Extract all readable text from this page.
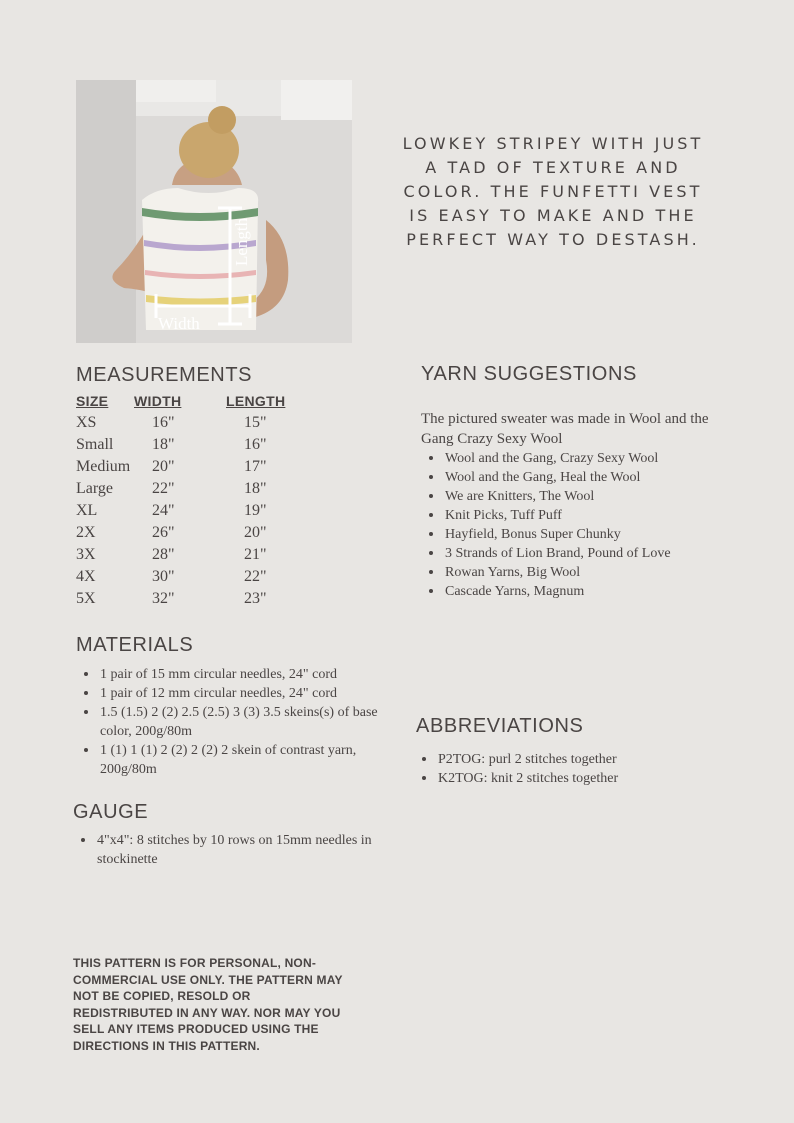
Width
Length
LOWKEY STRIPEY WITH JUST A TAD OF TEXTURE AND COLOR. THE FUNFETTI VEST IS EASY TO MAKE AND THE PERFECT WAY TO DESTASH.
MEASUREMENTS
SIZE	WIDTH	LENGTH
XS	16"	15"
Small	18"	16"
Medium	20"	17"
Large	22"	18"
XL	24"	19"
2X	26"	20"
3X	28"	21"
4X	30"	22"
5X	32"	23"
MATERIALS
1 pair of 15 mm circular needles, 24" cord
1 pair of 12 mm circular needles, 24" cord
1.5 (1.5) 2 (2) 2.5 (2.5) 3 (3) 3.5 skeins(s) of base color, 200g/80m
1 (1) 1 (1) 2 (2) 2 (2) 2 skein of contrast yarn, 200g/80m
GAUGE
4"x4": 8 stitches by 10 rows on 15mm needles in stockinette
YARN SUGGESTIONS
The pictured sweater was made in Wool and the Gang Crazy Sexy Wool
Wool and the Gang, Crazy Sexy Wool
Wool and the Gang, Heal the Wool
We are Knitters, The Wool
Knit Picks, Tuff Puff
Hayfield, Bonus Super Chunky
3 Strands of Lion Brand, Pound of Love
Rowan Yarns, Big Wool
Cascade Yarns, Magnum
ABBREVIATIONS
P2TOG: purl 2 stitches together
K2TOG: knit 2 stitches together
THIS PATTERN IS FOR PERSONAL, NON-COMMERCIAL USE ONLY. THE PATTERN MAY NOT BE COPIED, RESOLD OR REDISTRIBUTED IN ANY WAY. NOR MAY YOU SELL ANY ITEMS PRODUCED USING THE DIRECTIONS IN THIS PATTERN.
